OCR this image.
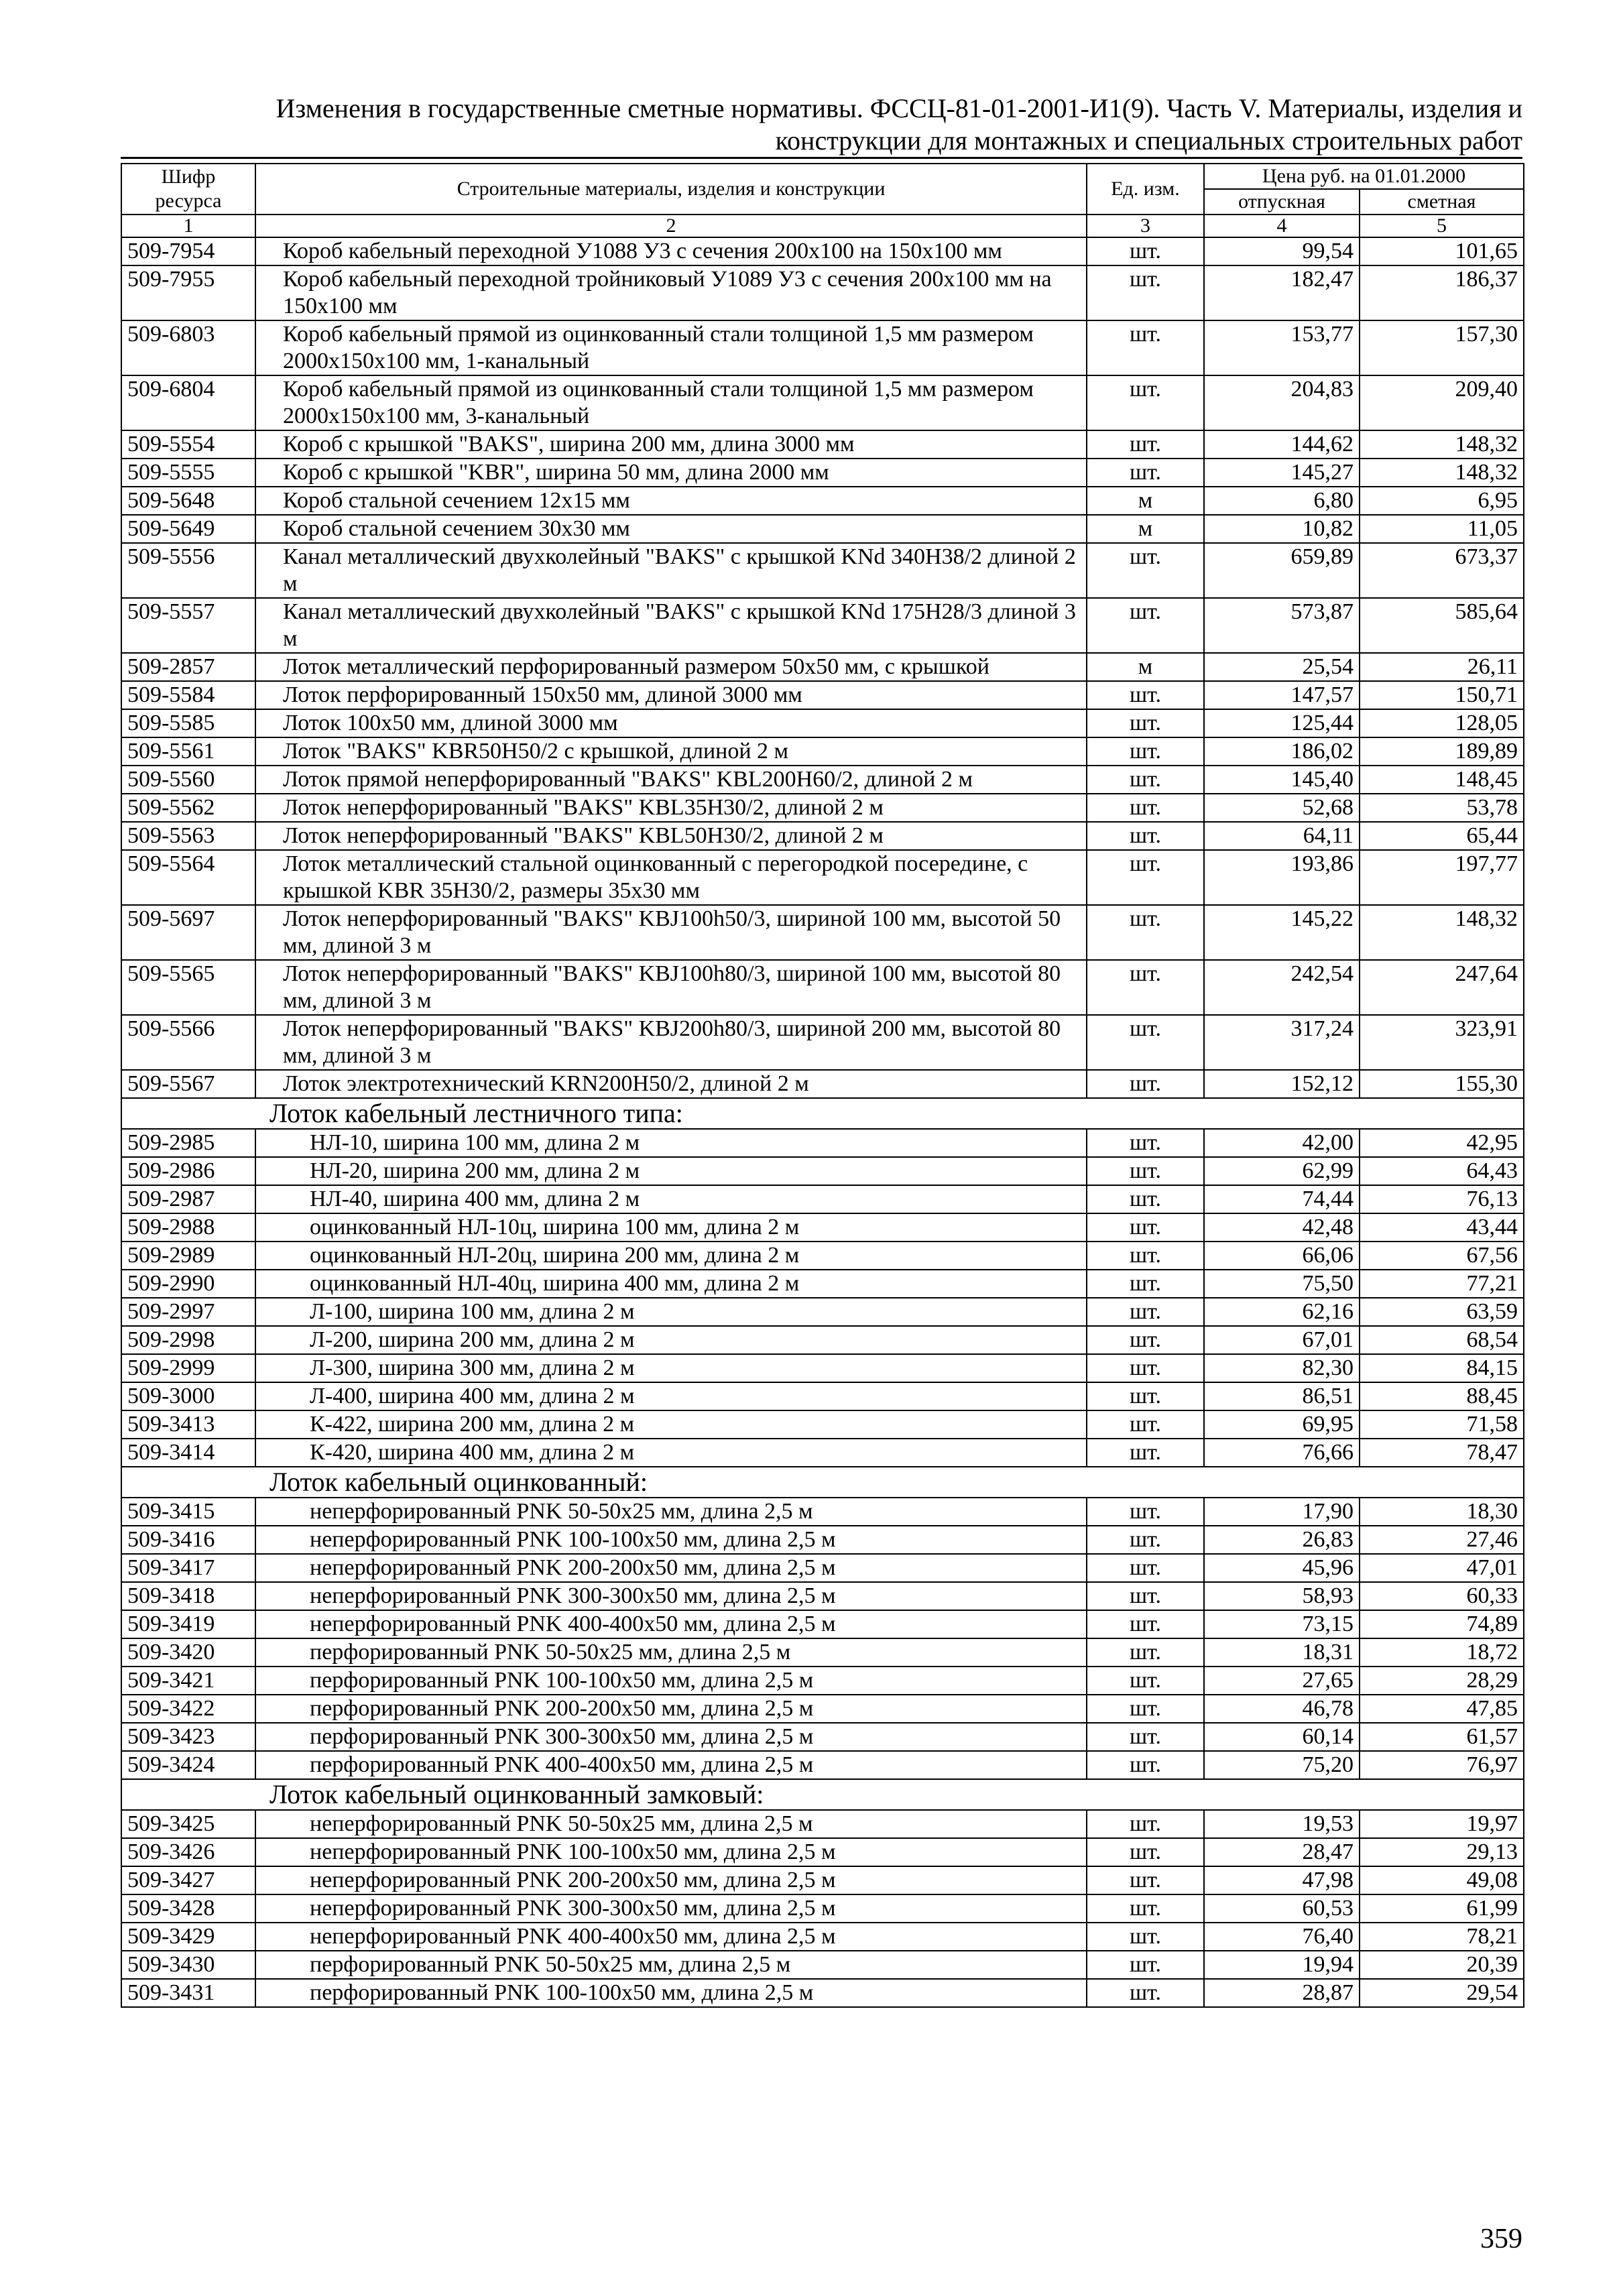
Изменения в государственные сметные нормативы. ФССЦ-81-01-2001-И1(9). Часть V. Материалы, изделия и
конструкции для монтажных и специальных строительных работ
Шифр ресурса	Строительные материалы, изделия и конструкции	Ед. изм.	Цена руб. на 01.01.2000	
			отпускная	сметная
1	2	3	4	5
509-7954	Короб кабельный переходной У1088 У3 с сечения 200х100 на 150х100 мм	шт.	99,54	101,65
509-7955	Короб кабельный переходной тройниковый У1089 У3 с сечения 200х100 мм на 150х100 мм	шт.	182,47	186,37
509-6803	Короб кабельный прямой из оцинкованный стали толщиной 1,5 мм размером 2000х150х100 мм, 1-канальный	шт.	153,77	157,30
509-6804	Короб кабельный прямой из оцинкованный стали толщиной 1,5 мм размером 2000х150х100 мм, 3-канальный	шт.	204,83	209,40
509-5554	Короб с крышкой "BAKS", ширина 200 мм, длина 3000 мм	шт.	144,62	148,32
509-5555	Короб с крышкой "KBR", ширина 50 мм, длина 2000 мм	шт.	145,27	148,32
509-5648	Короб стальной сечением 12х15 мм	м	6,80	6,95
509-5649	Короб стальной сечением 30х30 мм	м	10,82	11,05
509-5556	Канал металлический двухколейный "BAKS" с крышкой KNd 340H38/2 длиной 2 м	шт.	659,89	673,37
509-5557	Канал металлический двухколейный "BAKS" с крышкой KNd 175H28/3 длиной 3 м	шт.	573,87	585,64
509-2857	Лоток металлический перфорированный размером 50х50 мм, с крышкой	м	25,54	26,11
509-5584	Лоток перфорированный 150х50 мм, длиной 3000 мм	шт.	147,57	150,71
509-5585	Лоток 100х50 мм, длиной 3000 мм	шт.	125,44	128,05
509-5561	Лоток "BAKS" KBR50H50/2 с крышкой, длиной 2 м	шт.	186,02	189,89
509-5560	Лоток прямой неперфорированный "BAKS" KBL200H60/2, длиной 2 м	шт.	145,40	148,45
509-5562	Лоток неперфорированный "BAKS" KBL35H30/2, длиной 2 м	шт.	52,68	53,78
509-5563	Лоток неперфорированный "BAKS" KBL50H30/2, длиной 2 м	шт.	64,11	65,44
509-5564	Лоток металлический стальной оцинкованный с перегородкой посередине, с крышкой KBR 35H30/2, размеры 35х30 мм	шт.	193,86	197,77
509-5697	Лоток неперфорированный "BAKS" KBJ100h50/3, шириной 100 мм, высотой 50 мм, длиной 3 м	шт.	145,22	148,32
509-5565	Лоток неперфорированный "BAKS" KBJ100h80/3, шириной 100 мм, высотой 80 мм, длиной 3 м	шт.	242,54	247,64
509-5566	Лоток неперфорированный "BAKS" KBJ200h80/3, шириной 200 мм, высотой 80 мм, длиной 3 м	шт.	317,24	323,91
509-5567	Лоток электротехнический KRN200H50/2, длиной 2 м	шт.	152,12	155,30
Лоток кабельный лестничного типа:				
509-2985	НЛ-10, ширина 100 мм, длина 2 м	шт.	42,00	42,95
509-2986	НЛ-20, ширина 200 мм, длина 2 м	шт.	62,99	64,43
509-2987	НЛ-40, ширина 400 мм, длина 2 м	шт.	74,44	76,13
509-2988	оцинкованный НЛ-10ц, ширина 100 мм, длина 2 м	шт.	42,48	43,44
509-2989	оцинкованный НЛ-20ц, ширина 200 мм, длина 2 м	шт.	66,06	67,56
509-2990	оцинкованный НЛ-40ц, ширина 400 мм, длина 2 м	шт.	75,50	77,21
509-2997	Л-100, ширина 100 мм, длина 2 м	шт.	62,16	63,59
509-2998	Л-200, ширина 200 мм, длина 2 м	шт.	67,01	68,54
509-2999	Л-300, ширина 300 мм, длина 2 м	шт.	82,30	84,15
509-3000	Л-400, ширина 400 мм, длина 2 м	шт.	86,51	88,45
509-3413	К-422, ширина 200 мм, длина 2 м	шт.	69,95	71,58
509-3414	К-420, ширина 400 мм, длина 2 м	шт.	76,66	78,47
Лоток кабельный оцинкованный:				
509-3415	неперфорированный PNK 50-50х25 мм, длина 2,5 м	шт.	17,90	18,30
509-3416	неперфорированный PNK 100-100х50 мм, длина 2,5 м	шт.	26,83	27,46
509-3417	неперфорированный PNK 200-200х50 мм, длина 2,5 м	шт.	45,96	47,01
509-3418	неперфорированный PNK 300-300х50 мм, длина 2,5 м	шт.	58,93	60,33
509-3419	неперфорированный PNK 400-400х50 мм, длина 2,5 м	шт.	73,15	74,89
509-3420	перфорированный PNK 50-50х25 мм, длина 2,5 м	шт.	18,31	18,72
509-3421	перфорированный PNK 100-100х50 мм, длина 2,5 м	шт.	27,65	28,29
509-3422	перфорированный PNK 200-200х50 мм, длина 2,5 м	шт.	46,78	47,85
509-3423	перфорированный PNK 300-300х50 мм, длина 2,5 м	шт.	60,14	61,57
509-3424	перфорированный PNK 400-400х50 мм, длина 2,5 м	шт.	75,20	76,97
Лоток кабельный оцинкованный замковый:				
509-3425	неперфорированный PNK 50-50х25 мм, длина 2,5 м	шт.	19,53	19,97
509-3426	неперфорированный PNK 100-100х50 мм, длина 2,5 м	шт.	28,47	29,13
509-3427	неперфорированный PNK 200-200х50 мм, длина 2,5 м	шт.	47,98	49,08
509-3428	неперфорированный PNK 300-300х50 мм, длина 2,5 м	шт.	60,53	61,99
509-3429	неперфорированный PNK 400-400х50 мм, длина 2,5 м	шт.	76,40	78,21
509-3430	перфорированный PNK 50-50х25 мм, длина 2,5 м	шт.	19,94	20,39
509-3431	перфорированный PNK 100-100х50 мм, длина 2,5 м	шт.	28,87	29,54
359
